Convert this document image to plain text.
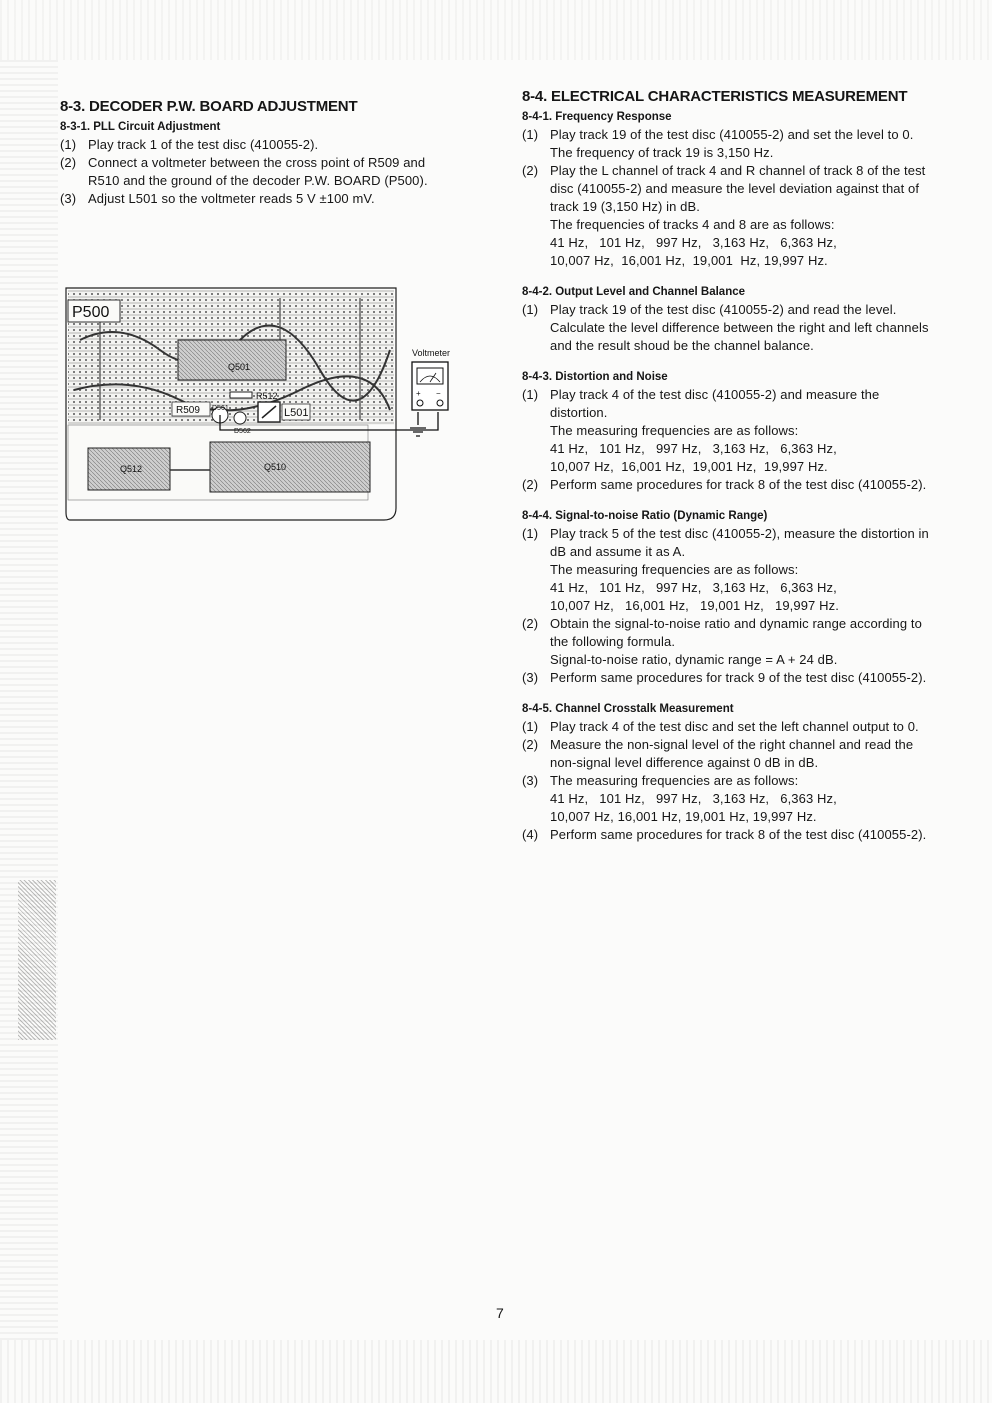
8-3. DECODER P.W. BOARD ADJUSTMENT
8-3-1. PLL Circuit Adjustment
(1) Play track 1 of the test disc (410055-2).
(2) Connect a voltmeter between the cross point of R509 and R510 and the ground of the decoder P.W. BOARD (P500).
(3) Adjust L501 so the voltmeter reads 5 V ±100 mV.
P500
Q501
R512
R509 D561
D562
L501
Voltmeter
+ −
Q512	Q510
8-4. ELECTRICAL CHARACTERISTICS MEASUREMENT
8-4-1. Frequency Response
(1) Play track 19 of the test disc (410055-2) and set the level to 0. The frequency of track 19 is 3,150 Hz.
(2) Play the L channel of track 4 and R channel of track 8 of the test disc (410055-2) and measure the level deviation against that of track 19 (3,150 Hz) in dB.
The frequencies of tracks 4 and 8 are as follows:
41 Hz,   101 Hz,   997 Hz,   3,163 Hz,   6,363 Hz,
10,007 Hz,  16,001 Hz,  19,001  Hz, 19,997 Hz.
8-4-2. Output Level and Channel Balance
(1) Play track 19 of the test disc (410055-2) and read the level. Calculate the level difference between the right and left channels and the result shoud be the channel balance.
8-4-3. Distortion and Noise
(1) Play track 4 of the test disc (410055-2) and measure the distortion.
The measuring frequencies are as follows:
41 Hz,   101 Hz,   997 Hz,   3,163 Hz,   6,363 Hz,
10,007 Hz,  16,001 Hz,  19,001 Hz,  19,997 Hz.
(2) Perform same procedures for track 8 of the test disc (410055-2).
8-4-4. Signal-to-noise Ratio (Dynamic Range)
(1) Play track 5 of the test disc (410055-2), measure the distortion in dB and assume it as A.
The measuring frequencies are as follows:
41 Hz,   101 Hz,   997 Hz,   3,163 Hz,   6,363 Hz,
10,007 Hz,   16,001 Hz,   19,001 Hz,   19,997 Hz.
(2) Obtain the signal-to-noise ratio and dynamic range according to the following formula.
Signal-to-noise ratio, dynamic range = A + 24 dB.
(3) Perform same procedures for track 9 of the test disc (410055-2).
8-4-5. Channel Crosstalk Measurement
(1) Play track 4 of the test disc and set the left channel output to 0.
(2) Measure the non-signal level of the right channel and read the non-signal level difference against 0 dB in dB.
(3) The measuring frequencies are as follows:
41 Hz,   101 Hz,   997 Hz,   3,163 Hz,   6,363 Hz,
10,007 Hz, 16,001 Hz, 19,001 Hz, 19,997 Hz.
(4) Perform same procedures for track 8 of the test disc (410055-2).
7
